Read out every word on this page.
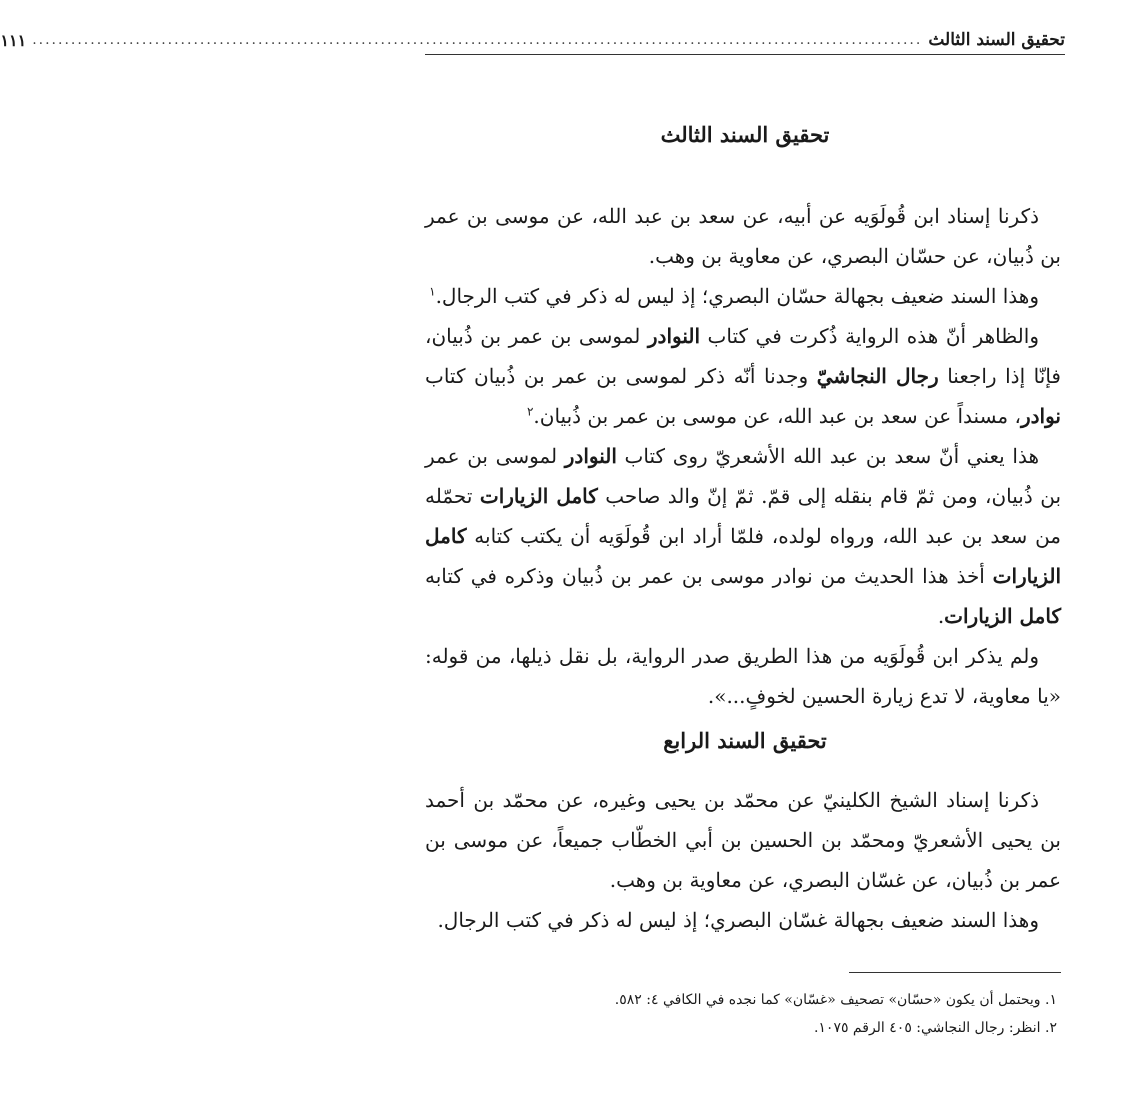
تحقيق السند الثالث
..........................................................................................................................................
١١١
تحقيق السند الثالث

ذكرنا إسناد ابن قُولَوَيه عن أبيه، عن سعد بن عبد الله، عن موسى بن عمر بن ذُبيان، عن حسّان البصري، عن معاوية بن وهب.

وهذا السند ضعيف بجهالة حسّان البصري؛ إذ ليس له ذكر في كتب الرجال.$^١$

والظاهر أنّ هذه الرواية ذُكرت في كتاب النوادر لموسى بن عمر بن ذُبيان، فإنّا إذا راجعنا رجال النجاشيّ وجدنا أنّه ذكر لموسى بن عمر بن ذُبيان كتاب نوادر، مسنداً عن سعد بن عبد الله، عن موسى بن عمر بن ذُبيان.$^٢$

هذا يعني أنّ سعد بن عبد الله الأشعريّ روى كتاب النوادر لموسى بن عمر بن ذُبيان، ومن ثمّ قام بنقله إلى قمّ. ثمّ إنّ والد صاحب كامل الزيارات تحمّله من سعد بن عبد الله، ورواه لولده، فلمّا أراد ابن قُولَوَيه أن يكتب كتابه كامل الزيارات أخذ هذا الحديث من نوادر موسى بن عمر بن ذُبيان وذكره في كتابه كامل الزيارات.

ولم يذكر ابن قُولَوَيه من هذا الطريق صدر الرواية، بل نقل ذيلها، من قوله: «يا معاوية، لا تدع زيارة الحسين لخوفٍ...».

تحقيق السند الرابع

ذكرنا إسناد الشيخ الكلينيّ عن محمّد بن يحيى وغيره، عن محمّد بن أحمد بن يحيى الأشعريّ ومحمّد بن الحسين بن أبي الخطّاب جميعاً، عن موسى بن عمر بن ذُبيان، عن غسّان البصري، عن معاوية بن وهب.

وهذا السند ضعيف بجهالة غسّان البصري؛ إذ ليس له ذكر في كتب الرجال.

١. ويحتمل أن يكون «حسّان» تصحيف «غسّان» كما نجده في الكافي ٤: ٥٨٢.
٢. انظر: رجال النجاشي: ٤٠٥ الرقم ١٠٧٥.
